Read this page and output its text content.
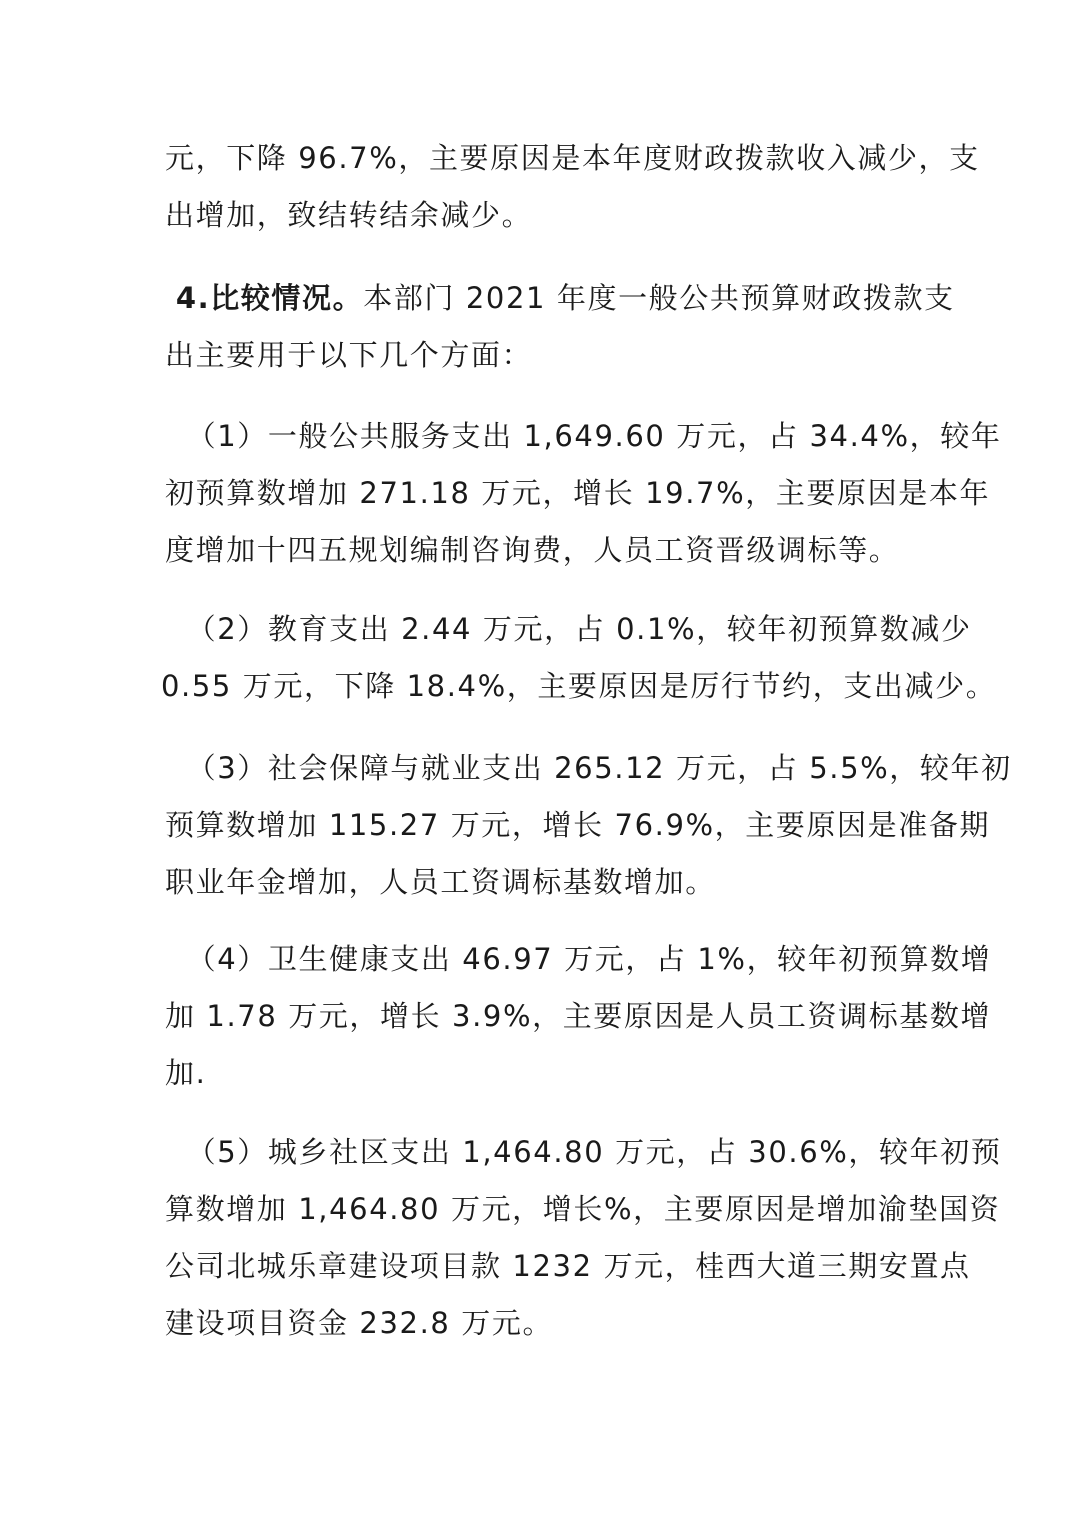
元，下降 96.7%，主要原因是本年度财政拨款收入减少，支
出增加，致结转结余减少。

4.比较情况。本部门 2021 年度一般公共预算财政拨款支
出主要用于以下几个方面：

（1）一般公共服务支出 1,649.60 万元，占 34.4%，较年
初预算数增加 271.18 万元，增长 19.7%，主要原因是本年
度增加十四五规划编制咨询费，人员工资晋级调标等。

（2）教育支出 2.44 万元，占 0.1%，较年初预算数减少
0.55 万元，下降 18.4%，主要原因是厉行节约，支出减少。

（3）社会保障与就业支出 265.12 万元，占 5.5%，较年初
预算数增加 115.27 万元，增长 76.9%，主要原因是准备期
职业年金增加，人员工资调标基数增加。

（4）卫生健康支出 46.97 万元，占 1%，较年初预算数增
加 1.78 万元，增长 3.9%，主要原因是人员工资调标基数增
加.

（5）城乡社区支出 1,464.80 万元，占 30.6%，较年初预
算数增加 1,464.80 万元，增长%，主要原因是增加渝垫国资
公司北城乐章建设项目款 1232 万元，桂西大道三期安置点
建设项目资金 232.8 万元。
